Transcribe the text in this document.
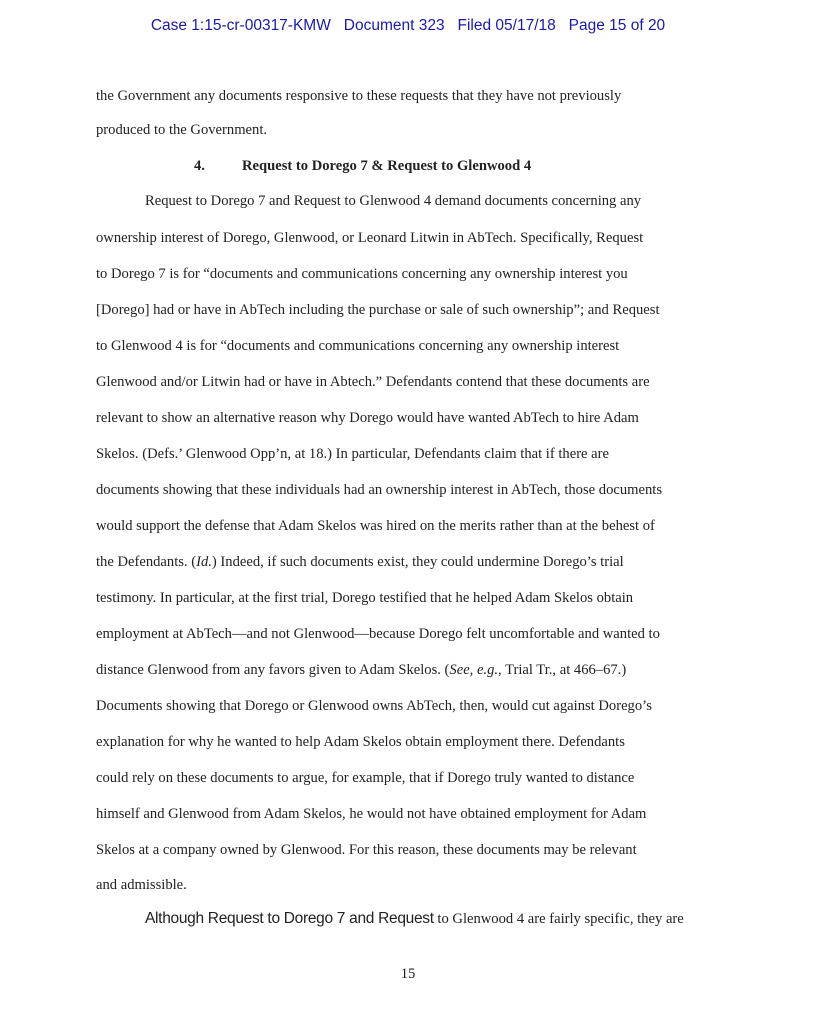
Case 1:15-cr-00317-KMW   Document 323   Filed 05/17/18   Page 15 of 20
the Government any documents responsive to these requests that they have not previously
produced to the Government.
4.	Request to Dorego 7 & Request to Glenwood 4
Request to Dorego 7 and Request to Glenwood 4 demand documents concerning any
ownership interest of Dorego, Glenwood, or Leonard Litwin in AbTech. Specifically, Request
to Dorego 7 is for “documents and communications concerning any ownership interest you
[Dorego] had or have in AbTech including the purchase or sale of such ownership”; and Request
to Glenwood 4 is for “documents and communications concerning any ownership interest
Glenwood and/or Litwin had or have in Abtech.” Defendants contend that these documents are
relevant to show an alternative reason why Dorego would have wanted AbTech to hire Adam
Skelos. (Defs.’ Glenwood Opp’n, at 18.) In particular, Defendants claim that if there are
documents showing that these individuals had an ownership interest in AbTech, those documents
would support the defense that Adam Skelos was hired on the merits rather than at the behest of
the Defendants. (Id.) Indeed, if such documents exist, they could undermine Dorego’s trial
testimony. In particular, at the first trial, Dorego testified that he helped Adam Skelos obtain
employment at AbTech—and not Glenwood—because Dorego felt uncomfortable and wanted to
distance Glenwood from any favors given to Adam Skelos. (See, e.g., Trial Tr., at 466–67.)
Documents showing that Dorego or Glenwood owns AbTech, then, would cut against Dorego’s
explanation for why he wanted to help Adam Skelos obtain employment there. Defendants
could rely on these documents to argue, for example, that if Dorego truly wanted to distance
himself and Glenwood from Adam Skelos, he would not have obtained employment for Adam
Skelos at a company owned by Glenwood. For this reason, these documents may be relevant
and admissible.
Although Request to Dorego 7 and Request to Glenwood 4 are fairly specific, they are
15
